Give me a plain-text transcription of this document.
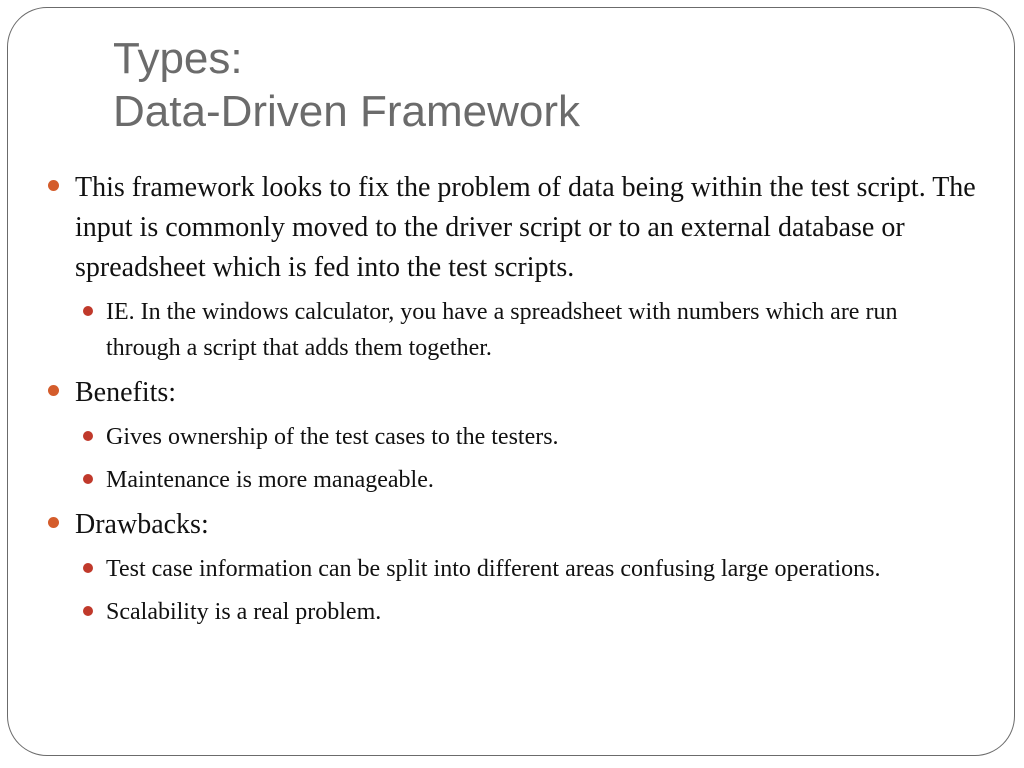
Types:
Data-Driven Framework
This framework looks to fix the problem of data being within the test script. The input is commonly moved to the driver script or to an external database or spreadsheet which is fed into the test scripts.
IE. In the windows calculator, you have a spreadsheet with numbers which are run through a script that adds them together.
Benefits:
Gives ownership of the test cases to the testers.
Maintenance is more manageable.
Drawbacks:
Test case information can be split into different areas confusing large operations.
Scalability is a real problem.
